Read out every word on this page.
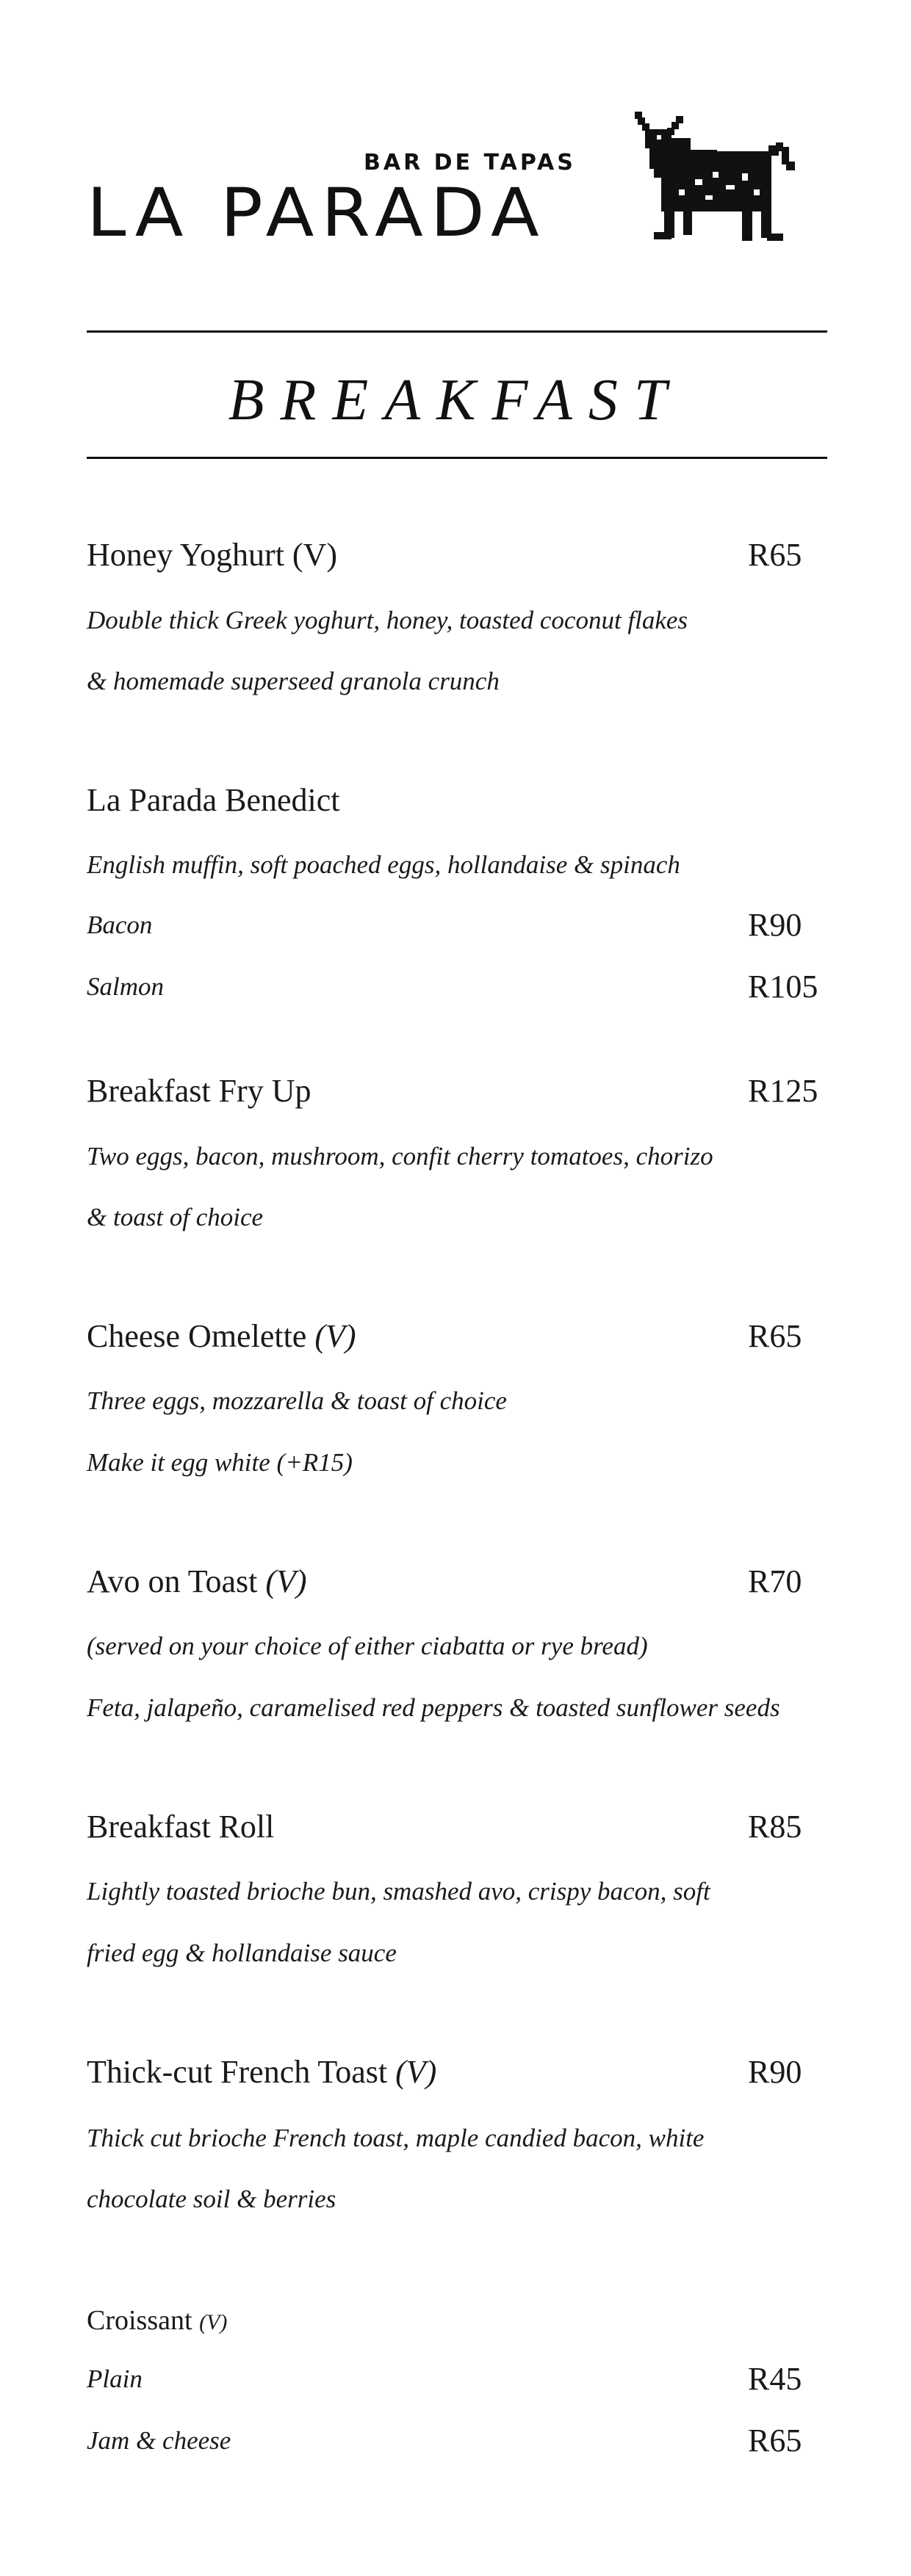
BAR DE TAPAS
LA PARADA
BREAKFAST
Honey Yoghurt (V)	R65
Double thick Greek yoghurt, honey, toasted coconut flakes
& homemade superseed granola crunch
La Parada Benedict
English muffin, soft poached eggs, hollandaise & spinach
Bacon	R90
Salmon	R105
Breakfast Fry Up	R125
Two eggs, bacon, mushroom, confit cherry tomatoes, chorizo
& toast of choice
Cheese Omelette (V)	R65
Three eggs, mozzarella & toast of choice
Make it egg white (+R15)
Avo on Toast (V)	R70
(served on your choice of either ciabatta or rye bread)
Feta, jalapeño, caramelised red peppers & toasted sunflower seeds
Breakfast Roll	R85
Lightly toasted brioche bun, smashed avo, crispy bacon, soft
fried egg & hollandaise sauce
Thick-cut French Toast (V)	R90
Thick cut brioche French toast, maple candied bacon, white
chocolate soil & berries
Croissant (V)
Plain	R45
Jam & cheese	R65
